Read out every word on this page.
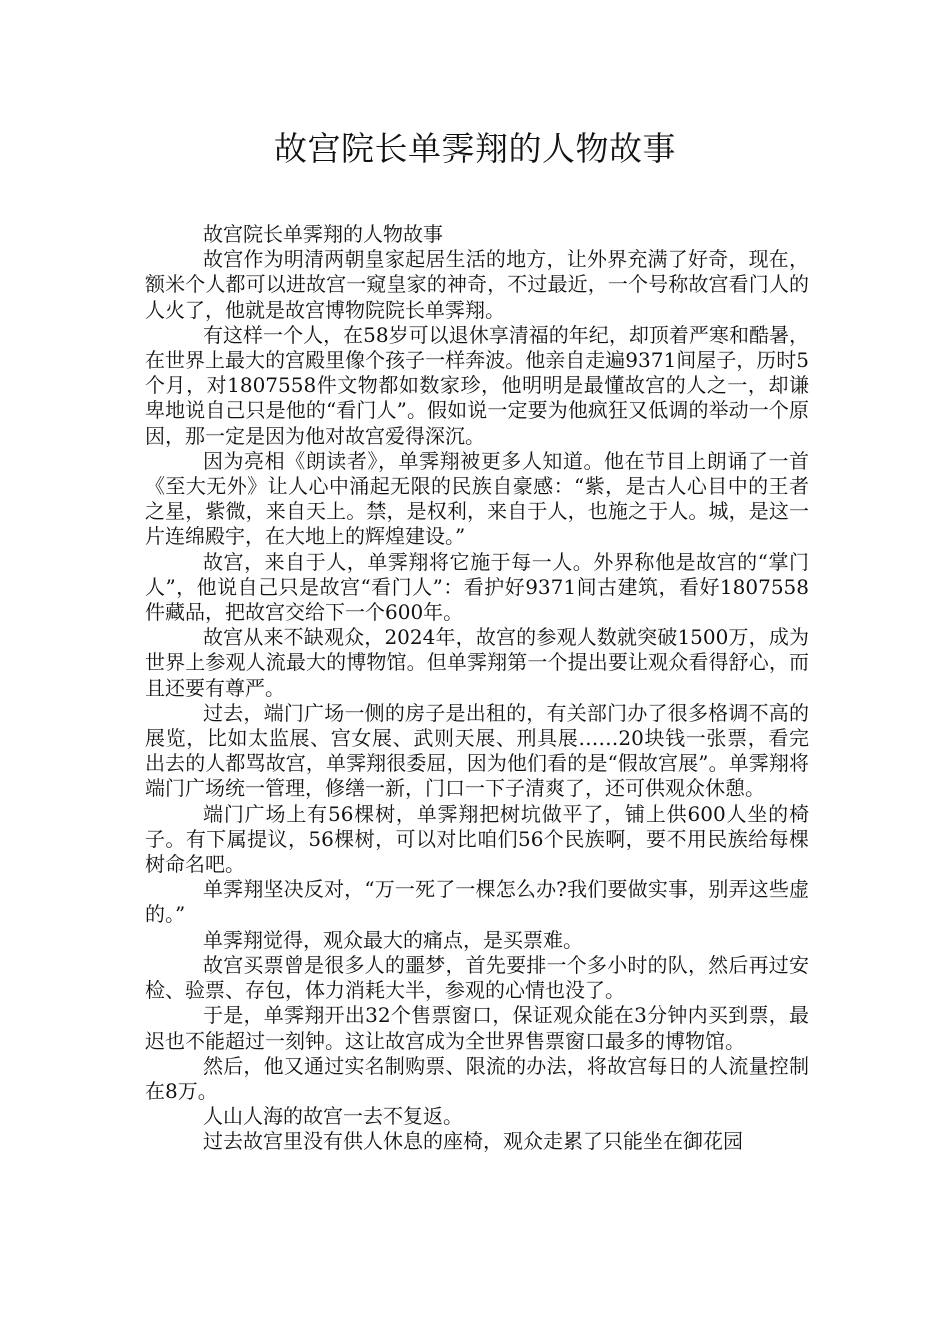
故宫院长单霁翔的人物故事

故宫院长单霁翔的人物故事

故宫作为明清两朝皇家起居生活的地方，让外界充满了好奇，现在，额米个人都可以进故宫一窥皇家的神奇，不过最近，一个号称故宫看门人的人火了，他就是故宫博物院院长单霁翔。

有这样一个人，在58岁可以退休享清福的年纪，却顶着严寒和酷暑，在世界上最大的宫殿里像个孩子一样奔波。他亲自走遍9371间屋子，历时5个月，对1807558件文物都如数家珍，他明明是最懂故宫的人之一，却谦卑地说自己只是他的“看门人”。假如说一定要为他疯狂又低调的举动一个原因，那一定是因为他对故宫爱得深沉。

因为亮相《朗读者》，单霁翔被更多人知道。他在节目上朗诵了一首《至大无外》让人心中涌起无限的民族自豪感：“紫，是古人心目中的王者之星，紫微，来自天上。禁，是权利，来自于人，也施之于人。城，是这一片连绵殿宇，在大地上的辉煌建设。”

故宫，来自于人，单霁翔将它施于每一人。外界称他是故宫的“掌门人”，他说自己只是故宫“看门人”：看护好9371间古建筑，看好1807558件藏品，把故宫交给下一个600年。

故宫从来不缺观众，2024年，故宫的参观人数就突破1500万，成为世界上参观人流最大的博物馆。但单霁翔第一个提出要让观众看得舒心，而且还要有尊严。

过去，端门广场一侧的房子是出租的，有关部门办了很多格调不高的展览，比如太监展、宫女展、武则天展、刑具展……20块钱一张票，看完出去的人都骂故宫，单霁翔很委屈，因为他们看的是“假故宫展”。单霁翔将端门广场统一管理，修缮一新，门口一下子清爽了，还可供观众休憩。

端门广场上有56棵树，单霁翔把树坑做平了，铺上供600人坐的椅子。有下属提议，56棵树，可以对比咱们56个民族啊，要不用民族给每棵树命名吧。

单霁翔坚决反对，“万一死了一棵怎么办?我们要做实事，别弄这些虚的。”

单霁翔觉得，观众最大的痛点，是买票难。

故宫买票曾是很多人的噩梦，首先要排一个多小时的队，然后再过安检、验票、存包，体力消耗大半，参观的心情也没了。

于是，单霁翔开出32个售票窗口，保证观众能在3分钟内买到票，最迟也不能超过一刻钟。这让故宫成为全世界售票窗口最多的博物馆。

然后，他又通过实名制购票、限流的办法，将故宫每日的人流量控制在8万。

人山人海的故宫一去不复返。

过去故宫里没有供人休息的座椅，观众走累了只能坐在御花园
